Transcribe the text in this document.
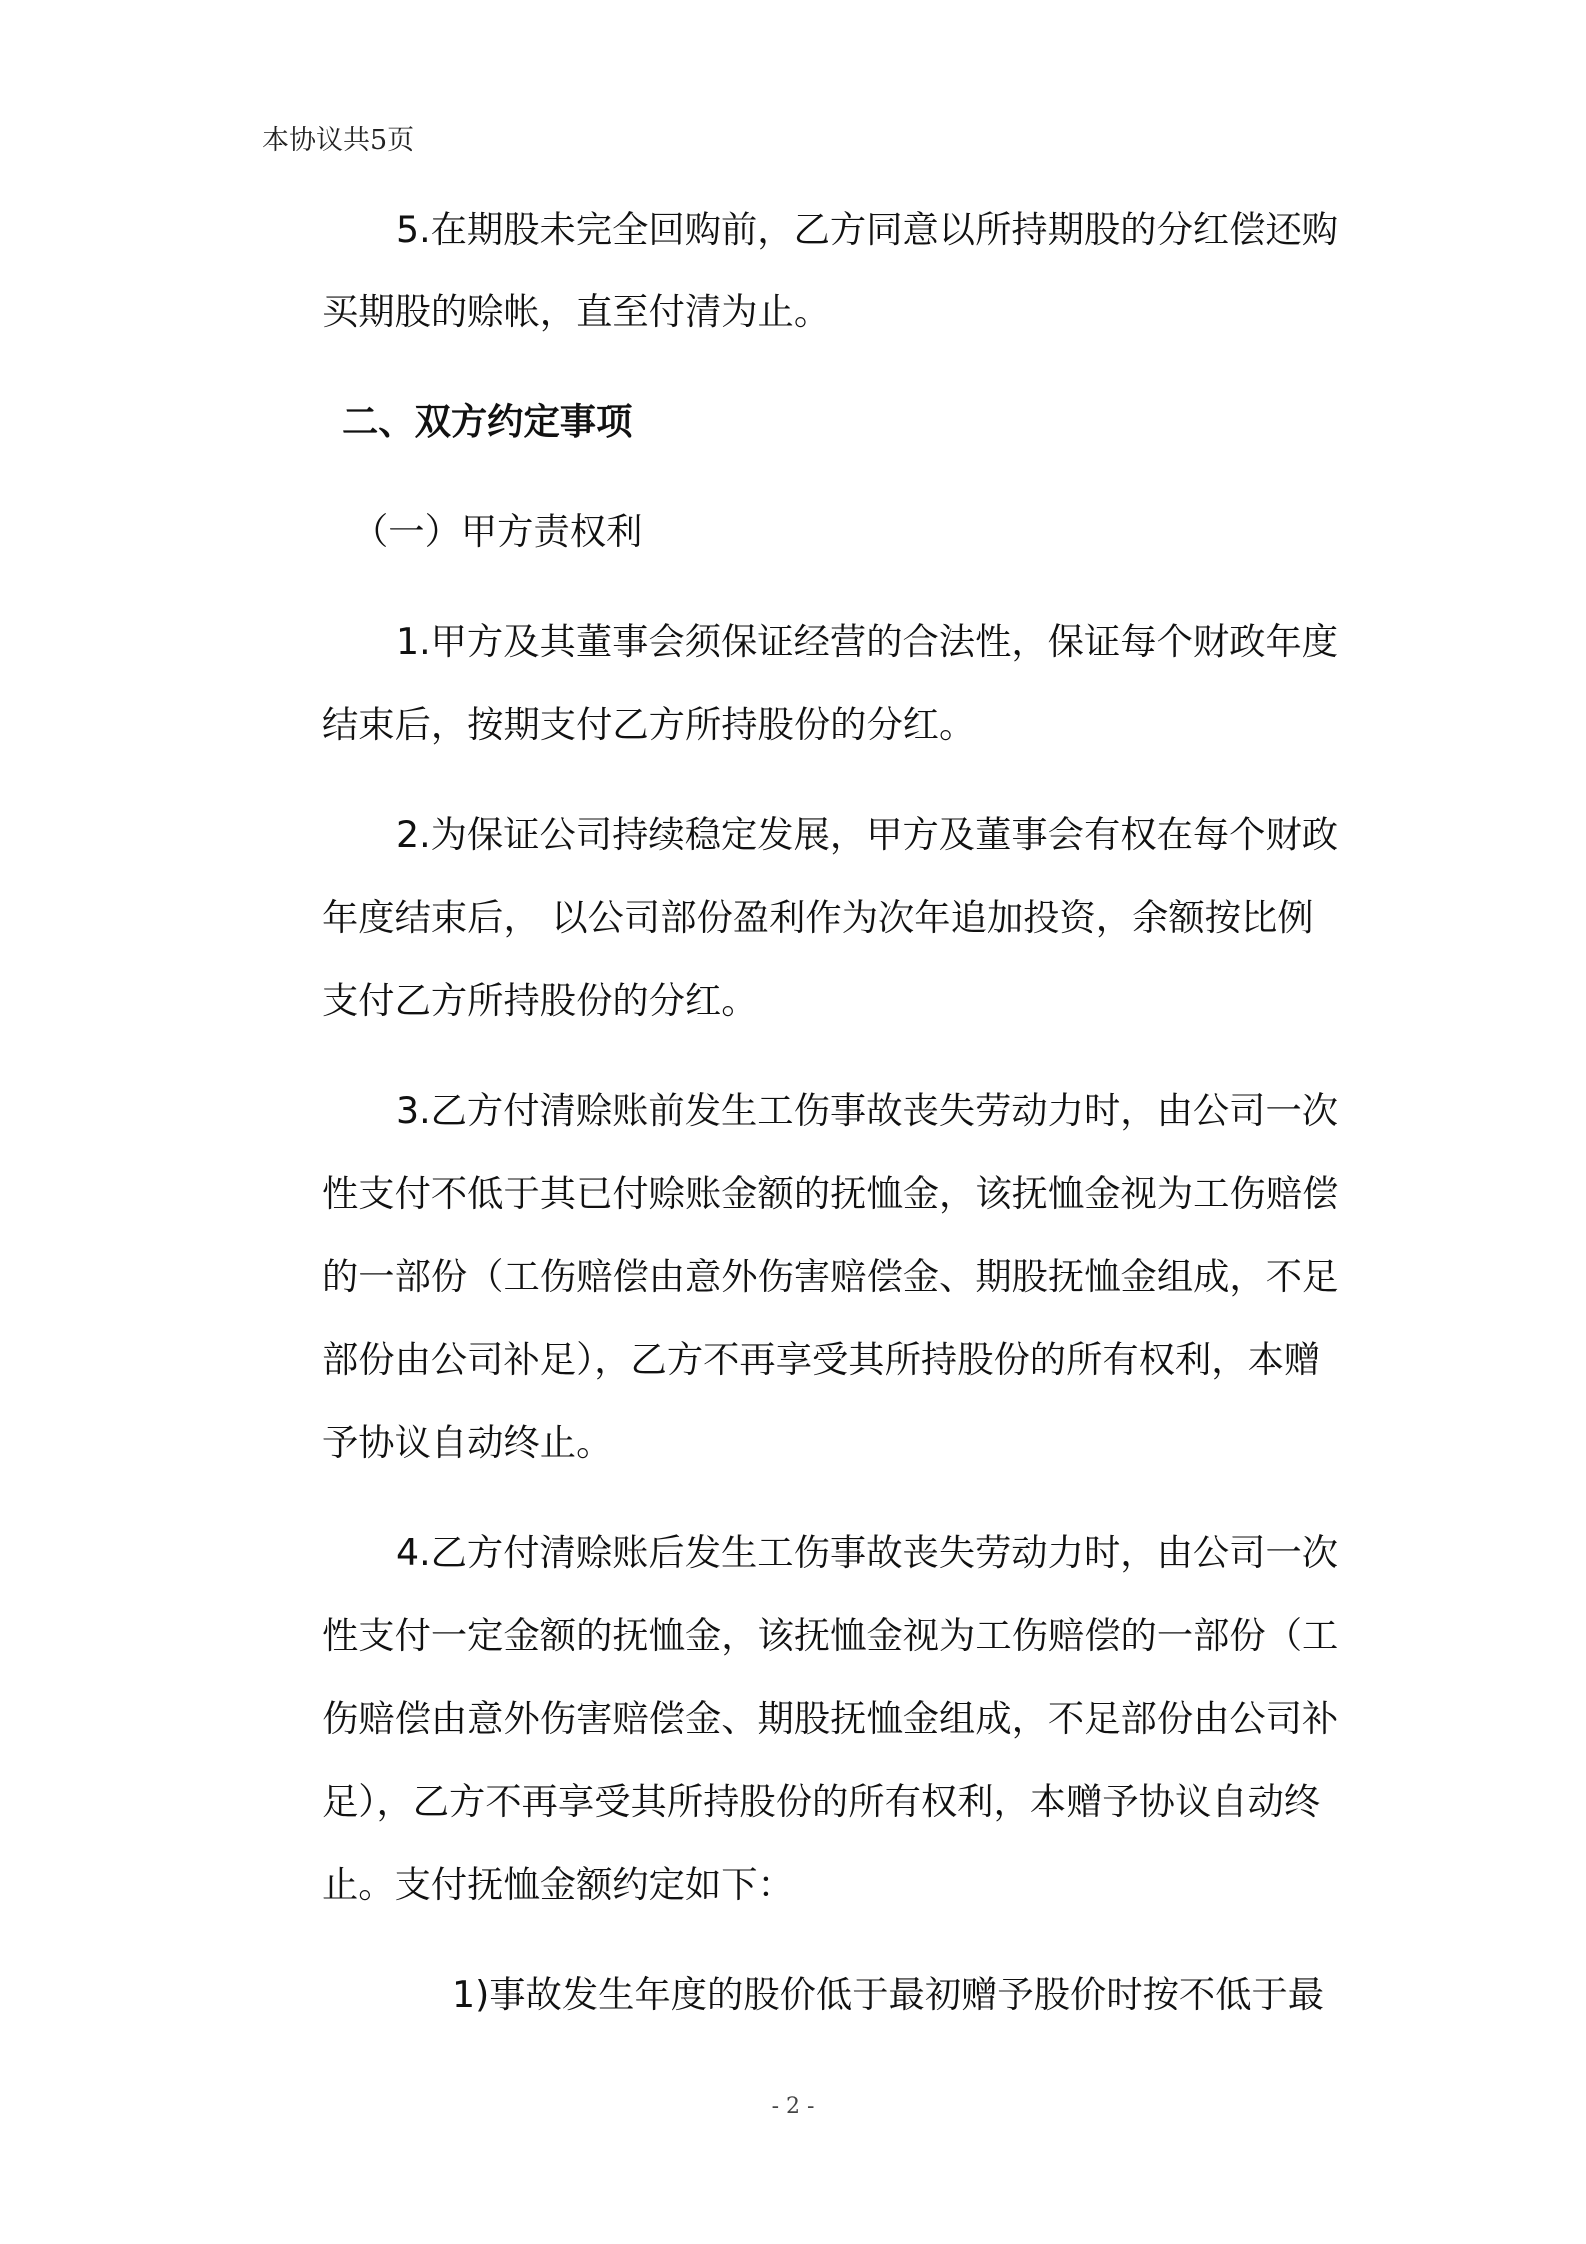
本协议共5页
5.在期股未完全回购前，乙方同意以所持期股的分红偿还购
买期股的赊帐，直至付清为止。
二、双方约定事项
（一）甲方责权利
1.甲方及其董事会须保证经营的合法性，保证每个财政年度
结束后，按期支付乙方所持股份的分红。
2.为保证公司持续稳定发展，甲方及董事会有权在每个财政
年度结束后， 以公司部份盈利作为次年追加投资，余额按比例
支付乙方所持股份的分红。
3.乙方付清赊账前发生工伤事故丧失劳动力时，由公司一次
性支付不低于其已付赊账金额的抚恤金，该抚恤金视为工伤赔偿
的一部份（工伤赔偿由意外伤害赔偿金、期股抚恤金组成，不足
部份由公司补足），乙方不再享受其所持股份的所有权利，本赠
予协议自动终止。
4.乙方付清赊账后发生工伤事故丧失劳动力时，由公司一次
性支付一定金额的抚恤金，该抚恤金视为工伤赔偿的一部份（工
伤赔偿由意外伤害赔偿金、期股抚恤金组成，不足部份由公司补
足），乙方不再享受其所持股份的所有权利，本赠予协议自动终
止。支付抚恤金额约定如下：
1)事故发生年度的股价低于最初赠予股价时按不低于最
- 2 -
